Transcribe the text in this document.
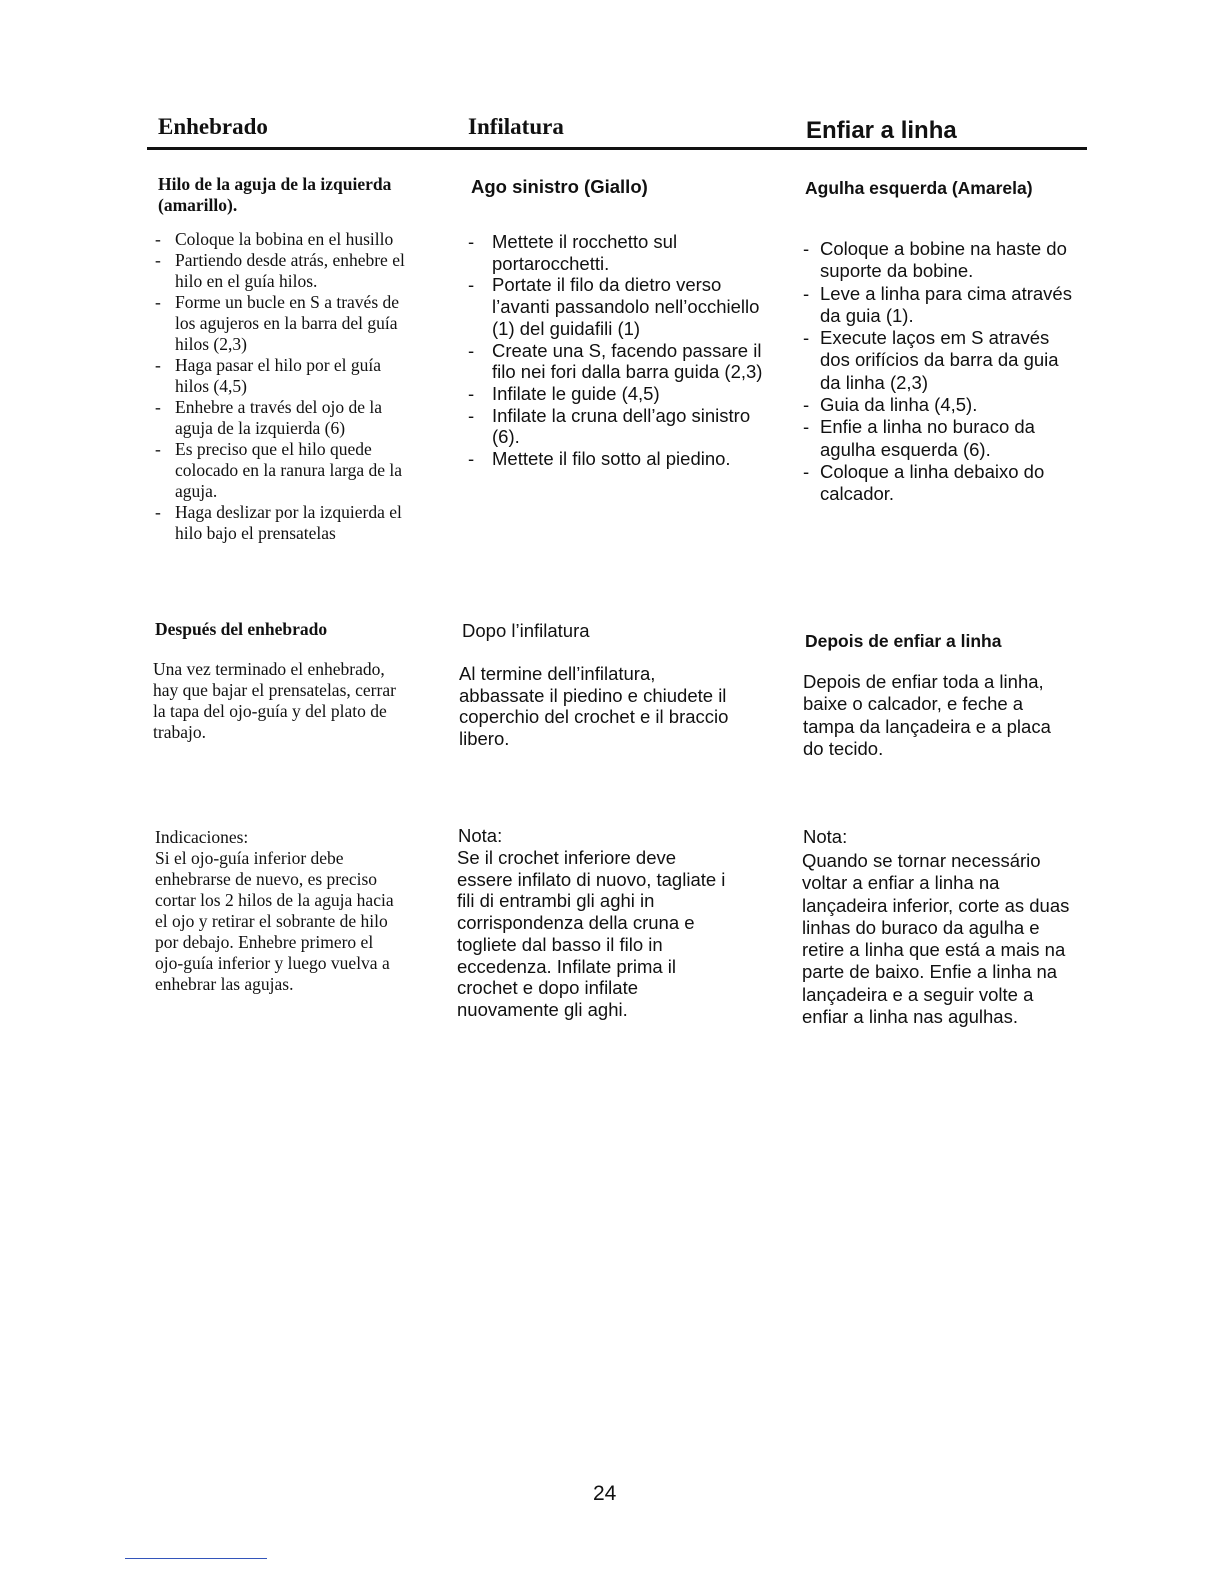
Enhebrado	Infilatura	Enfiar a linha
Hilo de la aguja de la izquierda (amarillo).
- Coloque la bobina en el husillo
- Partiendo desde atrás, enhebre el hilo en el guía hilos.
- Forme un bucle en S a través de los agujeros en la barra del guía hilos (2,3)
- Haga pasar el hilo por el guía hilos (4,5)
- Enhebre a través del ojo de la aguja de la izquierda (6)
- Es preciso que el hilo quede colocado en la ranura larga de la aguja.
- Haga deslizar por la izquierda el hilo bajo el prensatelas
Ago sinistro (Giallo)
- Mettete il rocchetto sul portarocchetti.
- Portate il filo da dietro verso l’avanti passandolo nell’occhiello (1) del guidafili (1)
- Create una S, facendo passare il filo nei fori dalla barra guida (2,3)
- Infilate le guide (4,5)
- Infilate la cruna dell’ago sinistro (6).
- Mettete il filo sotto al piedino.
Agulha esquerda (Amarela)
- Coloque a bobine na haste do suporte da bobine.
- Leve a linha para cima através da guia (1).
- Execute laços em S através dos orifícios da barra da guia da linha (2,3)
- Guia da linha (4,5).
- Enfie a linha no buraco da agulha esquerda (6).
- Coloque a linha debaixo do calcador.
Después del enhebrado
Una vez terminado el enhebrado,
hay que bajar el prensatelas, cerrar
la tapa del ojo-guía y del plato de
trabajo.
Dopo l’infilatura
Al termine dell’infilatura,
abbassate il piedino e chiudete il
coperchio del crochet e il braccio
libero.
Depois de enfiar a linha
Depois de enfiar toda a linha,
baixe o calcador, e feche a
tampa da lançadeira e a placa
do tecido.
Indicaciones:
Si el ojo-guía inferior debe
enhebrarse de nuevo, es preciso
cortar los 2 hilos de la aguja hacia
el ojo y retirar el sobrante de hilo
por debajo. Enhebre primero el
ojo-guía inferior y luego vuelva a
enhebrar las agujas.
Nota:
Se il crochet inferiore deve
essere infilato di nuovo, tagliate i
fili di entrambi gli aghi in
corrispondenza della cruna e
togliete dal basso il filo in
eccedenza. Infilate prima il
crochet e dopo infilate
nuovamente gli aghi.
Nota:
Quando se tornar necessário
voltar a enfiar a linha na
lançadeira inferior, corte as duas
linhas do buraco da agulha e
retire a linha que está a mais na
parte de baixo. Enfie a linha na
lançadeira e a seguir volte a
enfiar a linha nas agulhas.
24
